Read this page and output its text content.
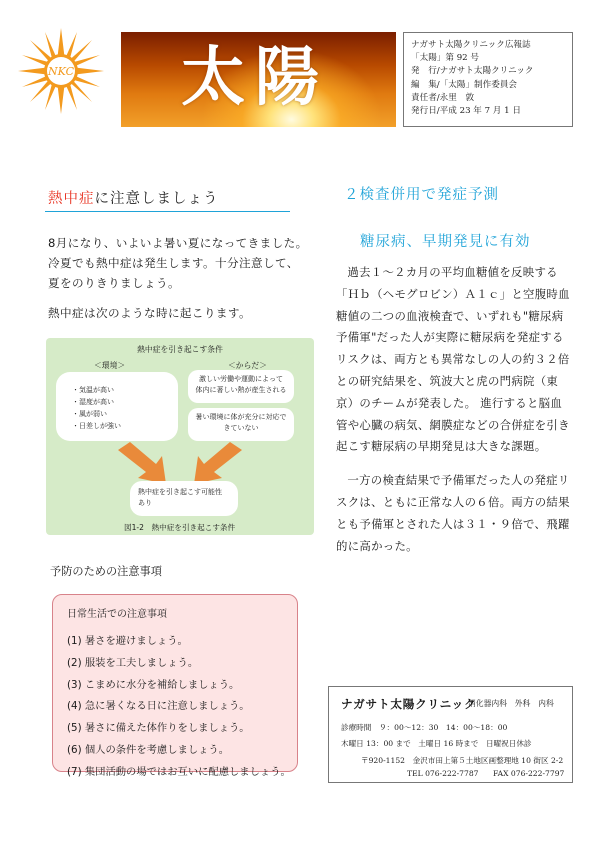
NKC 太陽	ナガサト太陽クリニック広報誌
「太陽」第 92 号
発　行/ナガサト太陽クリニック
編　集/「太陽」制作委員会
責任者/永里　敦
発行日/平成 23 年 7 月 1 日
熱中症に注意しましょう
8月になり、いよいよ暑い夏になってきました。
冷夏でも熱中症は発生します。十分注意して、
夏をのりきりましょう。
熱中症は次のような時に起こります。
熱中症を引き起こす条件
＜環境＞	＜からだ＞
・ 気温が高い
・ 湿度が高い
・ 風が弱い
・ 日差しが強い
激しい労働や運動によって
体内に著しい熱が産生される
暑い環境に体が充分に対応で
きていない
熱中症を引き起こす可能性
あり
図1-2　熱中症を引き起こす条件
予防のための注意事項
日常生活での注意事項
(1) 暑さを避けましょう。
(2) 服装を工夫しましょう。
(3) こまめに水分を補給しましょう。
(4) 急に暑くなる日に注意しましょう。
(5) 暑さに備えた体作りをしましょう。
(6) 個人の条件を考慮しましょう。
(7) 集団活動の場ではお互いに配慮しましょう。
２検査併用で発症予測
糖尿病、早期発見に有効

過去１～２カ月の平均血糖値を反映する「Ｈｂ（ヘモグロビン）Ａ１ｃ」と空腹時血糖値の二つの血液検査で、いずれも"糖尿病予備軍"だった人が実際に糖尿病を発症するリスクは、両方とも異常なしの人の約３２倍との研究結果を、筑波大と虎の門病院（東京）のチームが発表した。 進行すると脳血管や心臓の病気、網膜症などの合併症を引き起こす糖尿病の早期発見は大きな課題。

一方の検査結果で予備軍だった人の発症リスクは、ともに正常な人の６倍。両方の結果とも予備軍とされた人は３１・９倍で、飛躍的に高かった。

ナガサト太陽クリニック
消化器内科　外科　内科
診療時間　９：00～12：30　14：00～18：00
木曜日 13：00 まで　土曜日 16 時まで　日曜祝日休診
〒920-1152　金沢市田上第５土地区画整理地 10 街区 2-2
TEL 076-222-7787 FAX 076-222-7797
